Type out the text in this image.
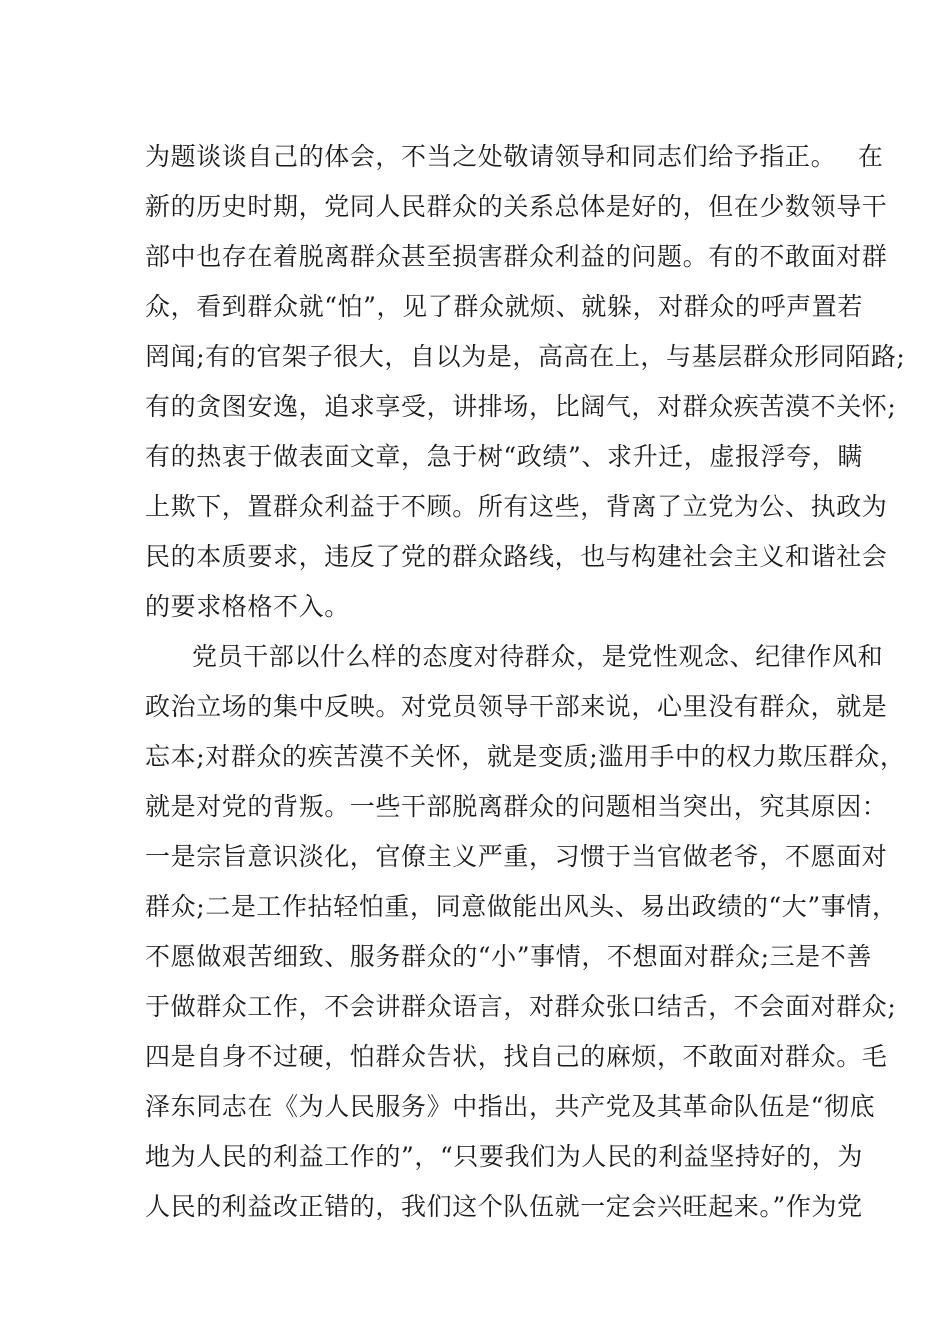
为题谈谈自己的体会，不当之处敬请领导和同志们给予指正。　 在
新的历史时期，党同人民群众的关系总体是好的，但在少数领导干
部中也存在着脱离群众甚至损害群众利益的问题。有的不敢面对群
众，看到群众就“怕”，见了群众就烦、就躲，对群众的呼声置若
罔闻;有的官架子很大，自以为是，高高在上，与基层群众形同陌路;
有的贪图安逸，追求享受，讲排场，比阔气，对群众疾苦漠不关怀;
有的热衷于做表面文章，急于树“政绩”、求升迁，虚报浮夸，瞒
上欺下，置群众利益于不顾。所有这些，背离了立党为公、执政为
民的本质要求，违反了党的群众路线，也与构建社会主义和谐社会
的要求格格不入。
党员干部以什么样的态度对待群众，是党性观念、纪律作风和
政治立场的集中反映。对党员领导干部来说，心里没有群众，就是
忘本;对群众的疾苦漠不关怀，就是变质;滥用手中的权力欺压群众，
就是对党的背叛。一些干部脱离群众的问题相当突出，究其原因：
一是宗旨意识淡化，官僚主义严重，习惯于当官做老爷，不愿面对
群众;二是工作拈轻怕重，同意做能出风头、易出政绩的“大”事情，
不愿做艰苦细致、服务群众的“小”事情，不想面对群众;三是不善
于做群众工作，不会讲群众语言，对群众张口结舌，不会面对群众;
四是自身不过硬，怕群众告状，找自己的麻烦，不敢面对群众。毛
泽东同志在《为人民服务》中指出，共产党及其革命队伍是“彻底
地为人民的利益工作的”，“只要我们为人民的利益坚持好的，为
人民的利益改正错的，我们这个队伍就一定会兴旺起来。”作为党
